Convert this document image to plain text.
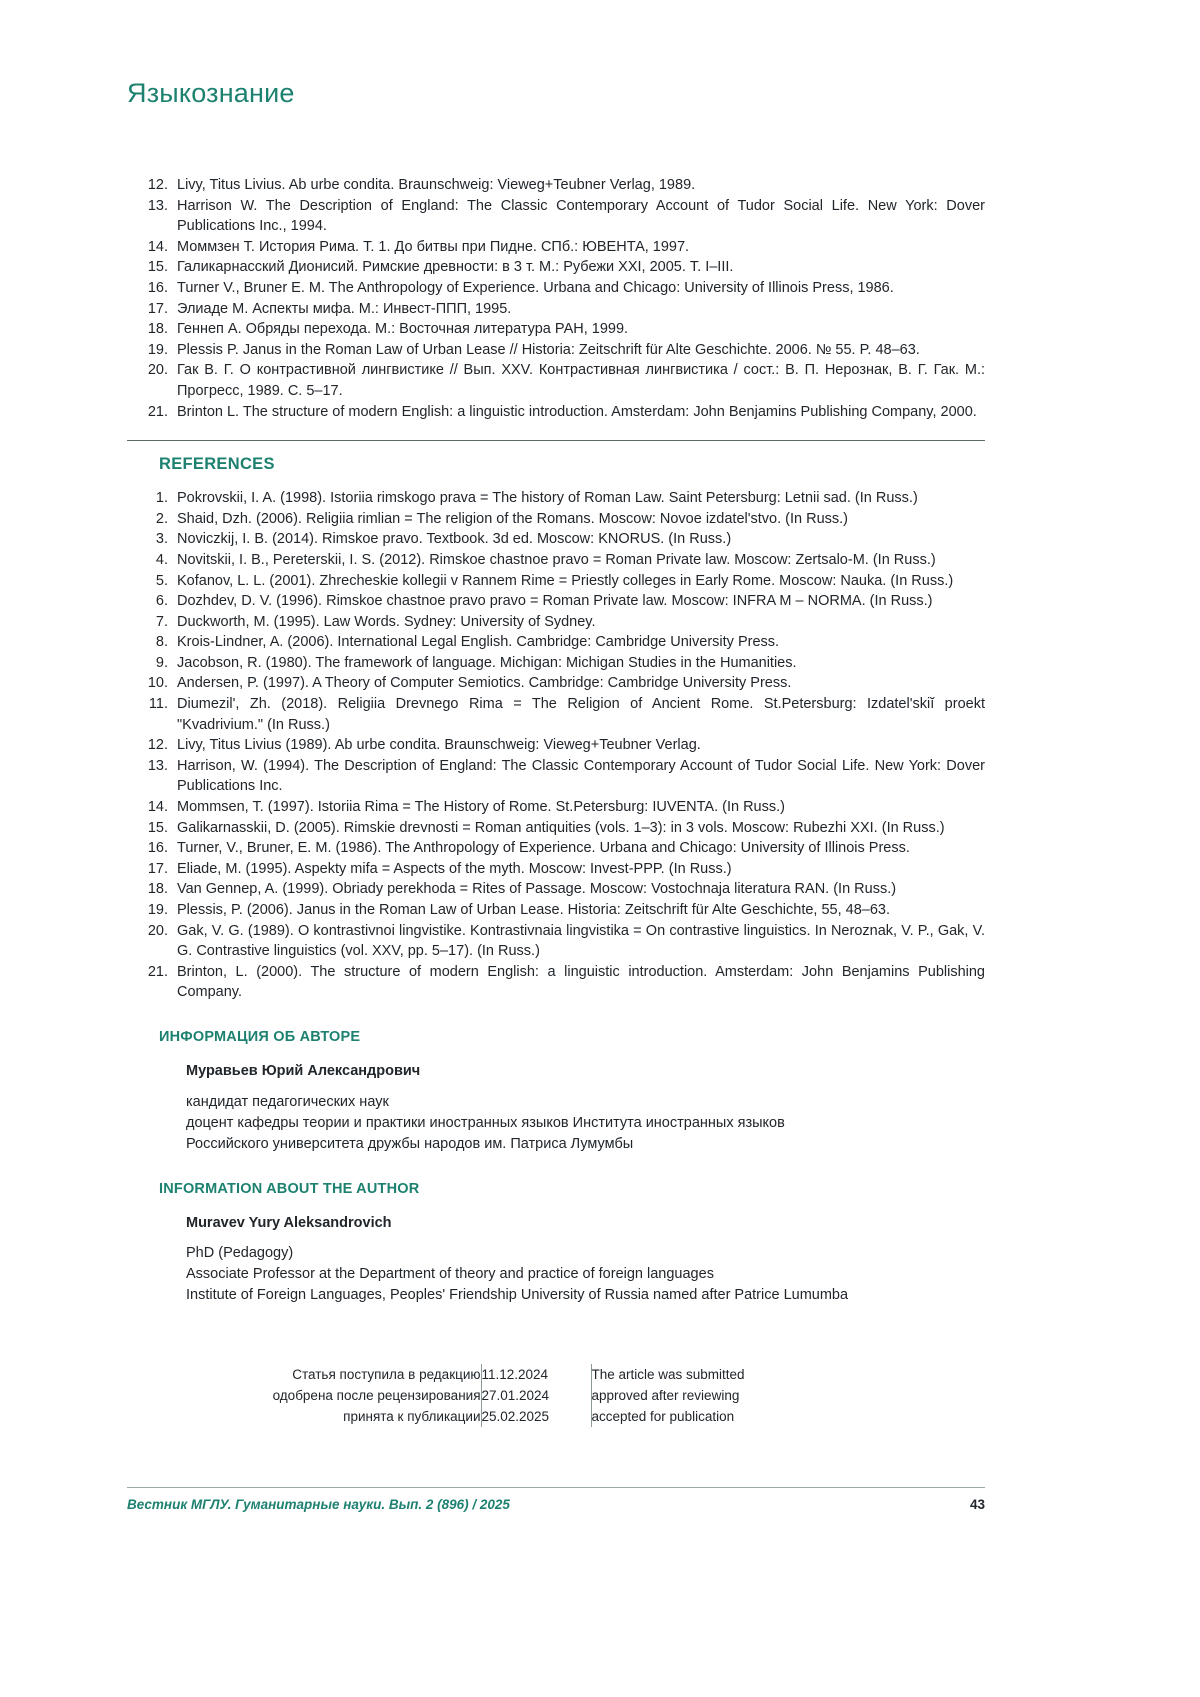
Языкознание
12. Livy, Titus Livius. Ab urbe condita. Braunschweig: Vieweg+Teubner Verlag, 1989.
13. Harrison W. The Description of England: The Classic Contemporary Account of Tudor Social Life. New York: Dover Publications Inc., 1994.
14. Моммзен Т. История Рима. Т. 1. До битвы при Пидне. СПб.: ЮВЕНТА, 1997.
15. Галикарнасский Дионисий. Римские древности: в 3 т. М.: Рубежи XXI, 2005. Т. I–III.
16. Turner V., Bruner E. M. The Anthropology of Experience. Urbana and Chicago: University of Illinois Press, 1986.
17. Элиаде М. Аспекты мифа. М.: Инвест-ППП, 1995.
18. Геннеп А. Обряды перехода. М.: Восточная литература РАН, 1999.
19. Plessis P. Janus in the Roman Law of Urban Lease // Historia: Zeitschrift für Alte Geschichte. 2006. № 55. P. 48–63.
20. Гак В. Г. О контрастивной лингвистике // Вып. XXV. Контрастивная лингвистика / сост.: В. П. Нерознак, В. Г. Гак. М.: Прогресс, 1989. С. 5–17.
21. Brinton L. The structure of modern English: a linguistic introduction. Amsterdam: John Benjamins Publishing Company, 2000.
REFERENCES
1. Pokrovskii, I. A. (1998). Istoriia rimskogo prava = The history of Roman Law. Saint Petersburg: Letnii sad. (In Russ.)
2. Shaid, Dzh. (2006). Religiia rimlian = The religion of the Romans. Moscow: Novoe izdatel'stvo. (In Russ.)
3. Noviczkij, I. B. (2014). Rimskoe pravo. Textbook. 3d ed. Moscow: KNORUS. (In Russ.)
4. Novitskii, I. B., Pereterskii, I. S. (2012). Rimskoe chastnoe pravo = Roman Private law. Moscow: Zertsalo-M. (In Russ.)
5. Kofanov, L. L. (2001). Zhrecheskie kollegii v Rannem Rime = Priestly colleges in Early Rome. Moscow: Nauka. (In Russ.)
6. Dozhdev, D. V. (1996). Rimskoe chastnoe pravo pravo = Roman Private law. Moscow: INFRA M – NORMA. (In Russ.)
7. Duckworth, M. (1995). Law Words. Sydney: University of Sydney.
8. Krois-Lindner, A. (2006). International Legal English. Cambridge: Cambridge University Press.
9. Jacobson, R. (1980). The framework of language. Michigan: Michigan Studies in the Humanities.
10. Andersen, P. (1997). A Theory of Computer Semiotics. Cambridge: Cambridge University Press.
11. Diumezil', Zh. (2018). Religiia Drevnego Rima = The Religion of Ancient Rome. St.Petersburg: Izdatel'skiĭ proekt "Kvadrivium." (In Russ.)
12. Livy, Titus Livius (1989). Ab urbe condita. Braunschweig: Vieweg+Teubner Verlag.
13. Harrison, W. (1994). The Description of England: The Classic Contemporary Account of Tudor Social Life. New York: Dover Publications Inc.
14. Mommsen, T. (1997). Istoriia Rima = The History of Rome. St.Petersburg: IUVENTA. (In Russ.)
15. Galikarnasskii, D. (2005). Rimskie drevnosti = Roman antiquities (vols. 1–3): in 3 vols. Moscow: Rubezhi XXI. (In Russ.)
16. Turner, V., Bruner, E. M. (1986). The Anthropology of Experience. Urbana and Chicago: University of Illinois Press.
17. Eliade, M. (1995). Aspekty mifa = Aspects of the myth. Moscow: Invest-PPP. (In Russ.)
18. Van Gennep, A. (1999). Obriady perekhoda = Rites of Passage. Moscow: Vostochnaja literatura RAN. (In Russ.)
19. Plessis, P. (2006). Janus in the Roman Law of Urban Lease. Historia: Zeitschrift für Alte Geschichte, 55, 48–63.
20. Gak, V. G. (1989). O kontrastivnoi lingvistike. Kontrastivnaia lingvistika = On contrastive linguistics. In Neroznak, V. P., Gak, V. G. Contrastive linguistics (vol. XXV, pp. 5–17). (In Russ.)
21. Brinton, L. (2000). The structure of modern English: a linguistic introduction. Amsterdam: John Benjamins Publishing Company.
ИНФОРМАЦИЯ ОБ АВТОРЕ
Муравьев Юрий Александрович
кандидат педагогических наук
доцент кафедры теории и практики иностранных языков Института иностранных языков
Российского университета дружбы народов им. Патриса Лумумбы
INFORMATION ABOUT THE AUTHOR
Muravev Yury Aleksandrovich
PhD (Pedagogy)
Associate Professor at the Department of theory and practice of foreign languages
Institute of Foreign Languages, Peoples' Friendship University of Russia named after Patrice Lumumba
Статья поступила в редакцию	11.12.2024	The article was submitted
одобрена после рецензирования	27.01.2024	approved after reviewing
принята к публикации	25.02.2025	accepted for publication
Вестник МГЛУ. Гуманитарные науки. Вып. 2 (896) / 2025	43
